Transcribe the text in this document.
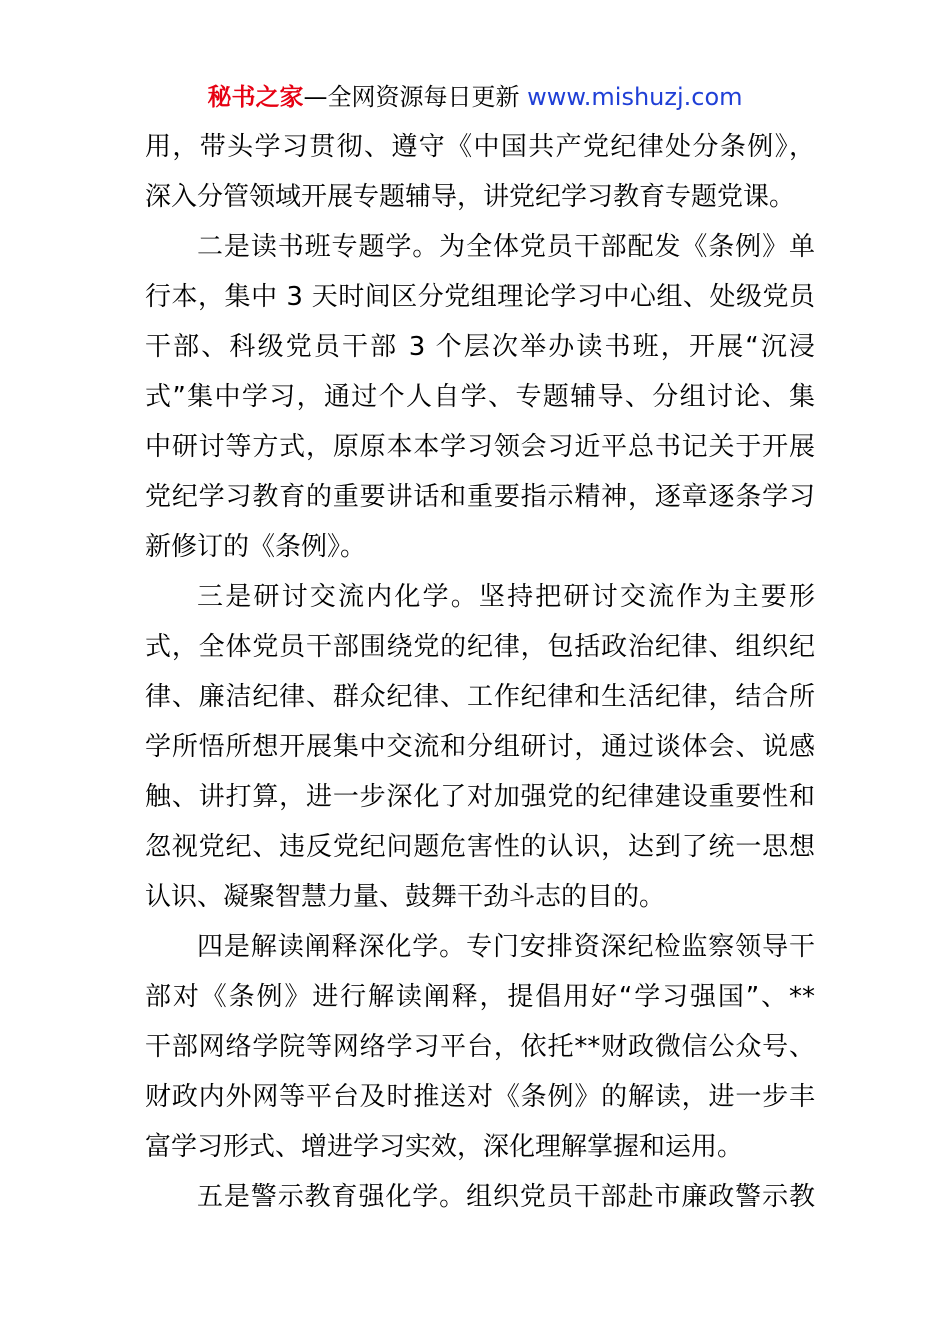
秘书之家—全网资源每日更新 www.mishuzj.com
用，带头学习贯彻、遵守《中国共产党纪律处分条例》，
深入分管领域开展专题辅导，讲党纪学习教育专题党课。
二是读书班专题学。为全体党员干部配发《条例》单
行本，集中 3 天时间区分党组理论学习中心组、处级党员
干部、科级党员干部 3 个层次举办读书班，开展“沉浸
式”集中学习，通过个人自学、专题辅导、分组讨论、集
中研讨等方式，原原本本学习领会习近平总书记关于开展
党纪学习教育的重要讲话和重要指示精神，逐章逐条学习
新修订的《条例》。
三是研讨交流内化学。坚持把研讨交流作为主要形
式，全体党员干部围绕党的纪律，包括政治纪律、组织纪
律、廉洁纪律、群众纪律、工作纪律和生活纪律，结合所
学所悟所想开展集中交流和分组研讨，通过谈体会、说感
触、讲打算，进一步深化了对加强党的纪律建设重要性和
忽视党纪、违反党纪问题危害性的认识，达到了统一思想
认识、凝聚智慧力量、鼓舞干劲斗志的目的。
四是解读阐释深化学。专门安排资深纪检监察领导干
部对《条例》进行解读阐释，提倡用好“学习强国”、**
干部网络学院等网络学习平台，依托**财政微信公众号、
财政内外网等平台及时推送对《条例》的解读，进一步丰
富学习形式、增进学习实效，深化理解掌握和运用。
五是警示教育强化学。组织党员干部赴市廉政警示教
